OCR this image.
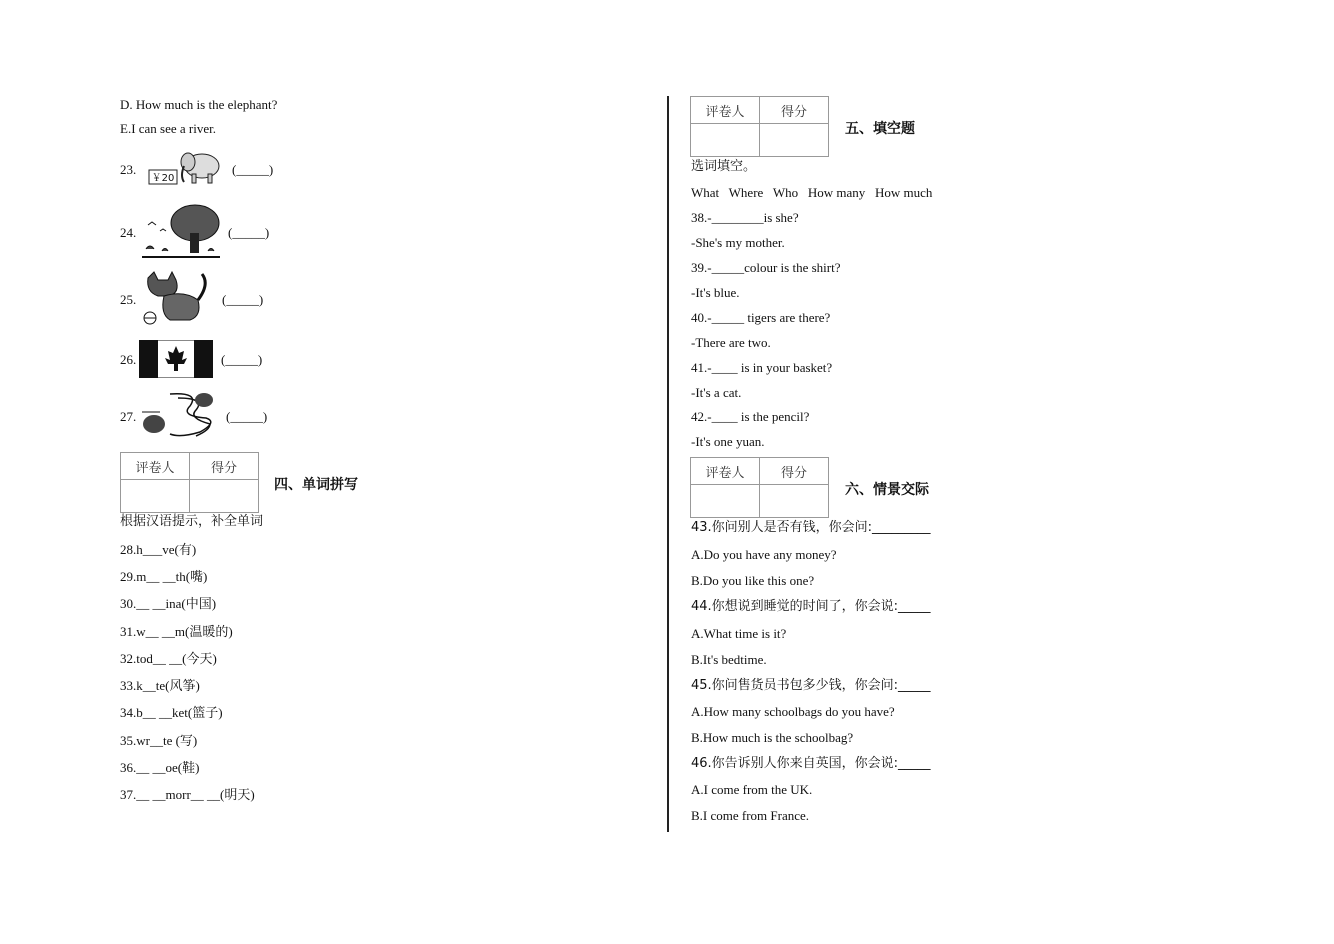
D. How much is the elephant?
E.I can see a river.
23.
￥20
(_____)
24.	(_____)
25.	(_____)
26.	(_____)
27.	(_____)
评卷人	得分

四、单词拼写
根据汉语提示，补全单词
28.h___ve(有)
29.m__ __th(嘴)
30.__ __ina(中国)
31.w__ __m(温暖的)
32.tod__ __(今天)
33.k__te(风筝)
34.b__ __ket(篮子)
35.wr__te (写)
36.__ __oe(鞋)
37.__ __morr__ __(明天)
评卷人	得分

五、填空题
选词填空。
What   Where   Who   How many   How much
38.-________is she?
-She's my mother.
39.-_____colour is the shirt?
-It's blue.
40.-_____ tigers are there?
-There are two.
41.-____ is in your basket?
-It's a cat.
42.-____ is the pencil?
-It's one yuan.
评卷人	得分

六、情景交际
43.你问别人是否有钱，你会问:_________
A.Do you have any money?
B.Do you like this one?
44.你想说到睡觉的时间了，你会说:_____
A.What time is it?
B.It's bedtime.
45.你问售货员书包多少钱，你会问:_____
A.How many schoolbags do you have?
B.How much is the schoolbag?
46.你告诉别人你来自英国，你会说:_____
A.I come from the UK.
B.I come from France.
